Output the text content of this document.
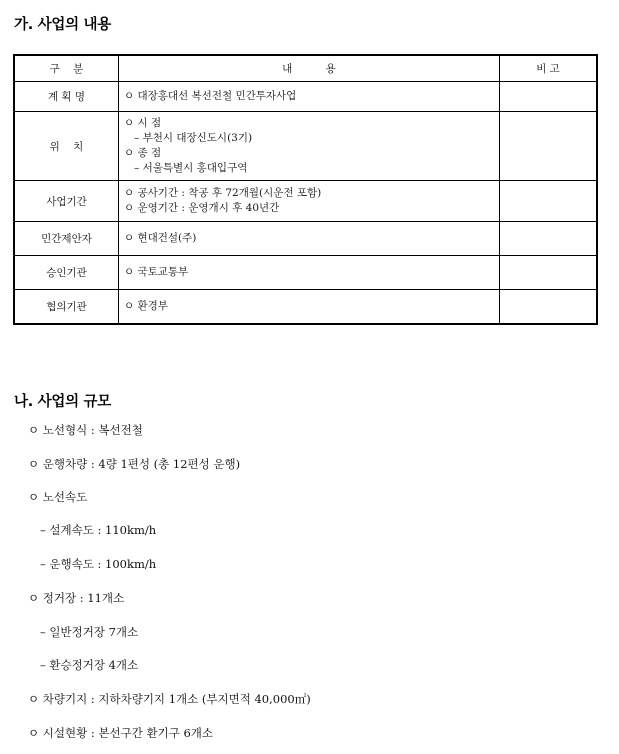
가. 사업의 내용
구    분	내          용	비 고
계 획 명	ㅇ 대장홍대선 복선전철 민간투자사업	

위    치	ㅇ 시 점
– 부천시 대장신도시(3기)
ㅇ 종 점
– 서울특별시 홍대입구역	

사업기간	ㅇ 공사기간 : 착공 후 72개월(시운전 포함)
ㅇ 운영기간 : 운영개시 후 40년간	

민간제안자	ㅇ 현대건설(주)	

승인기관	ㅇ 국토교통부	

협의기관	ㅇ 환경부	

나. 사업의 규모
ㅇ 노선형식 : 복선전철
ㅇ 운행차량 : 4량 1편성 (총 12편성 운행)
ㅇ 노선속도
– 설계속도 : 110km/h
– 운행속도 : 100km/h
ㅇ 정거장 : 11개소
– 일반정거장 7개소
– 환승정거장 4개소
ㅇ 차량기지 : 지하차량기지 1개소 (부지면적 40,000㎡)
ㅇ 시설현황 : 본선구간 환기구 6개소
